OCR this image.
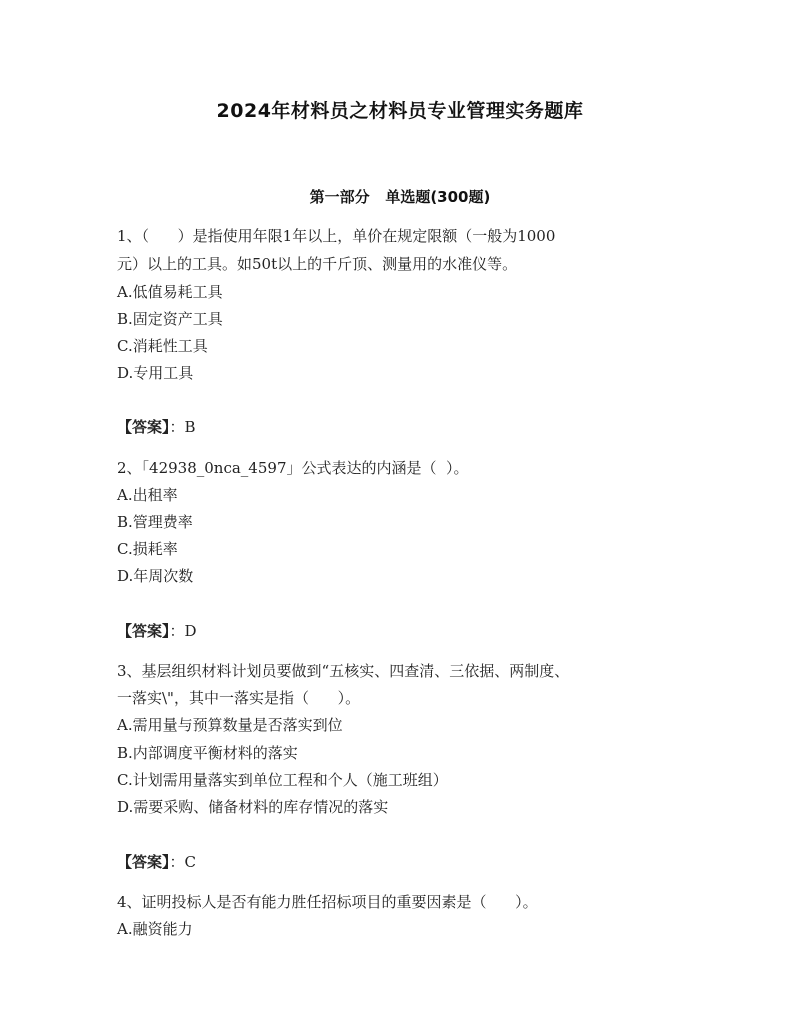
2024年材料员之材料员专业管理实务题库
第一部分 单选题(300题)
1、（      ）是指使用年限1年以上，单价在规定限额（一般为1000
元）以上的工具。如50t以上的千斤顶、测量用的水准仪等。
A.低值易耗工具
B.固定资产工具
C.消耗性工具
D.专用工具
【答案】：B
2、「42938_0nca_4597」公式表达的内涵是（  ）。
A.出租率
B.管理费率
C.损耗率
D.年周次数
【答案】：D
3、基层组织材料计划员要做到“五核实、四查清、三依据、两制度、
一落实\"，其中一落实是指（      ）。
A.需用量与预算数量是否落实到位
B.内部调度平衡材料的落实
C.计划需用量落实到单位工程和个人（施工班组）
D.需要采购、储备材料的库存情况的落实
【答案】：C
4、证明投标人是否有能力胜任招标项目的重要因素是（      ）。
A.融资能力
